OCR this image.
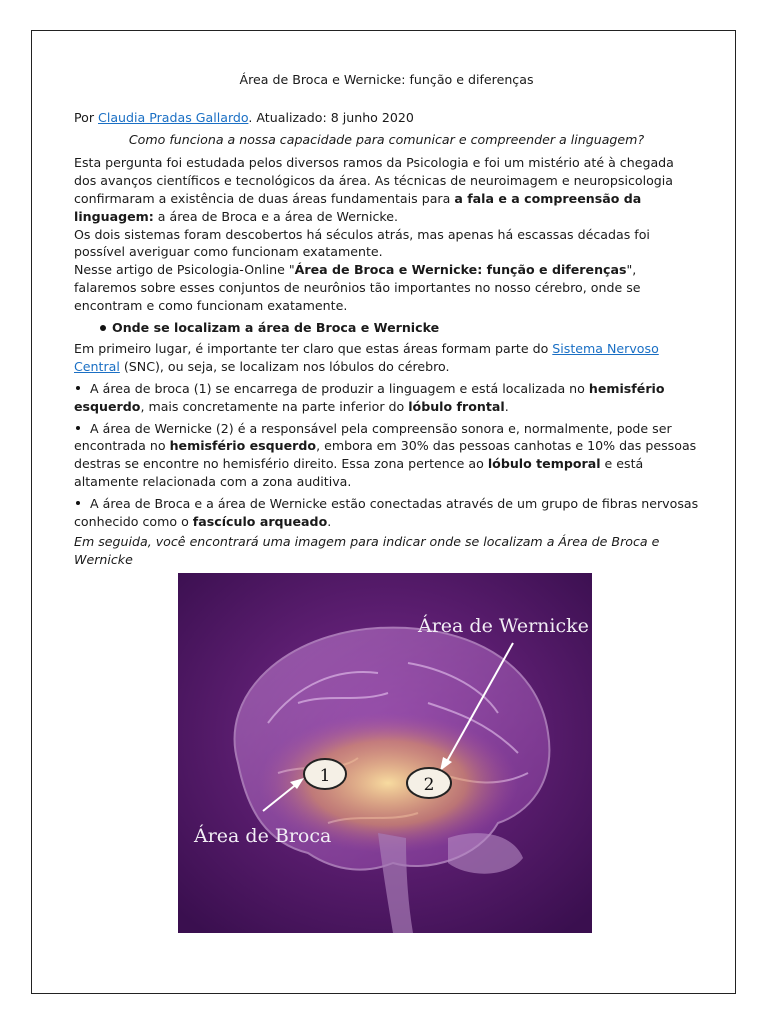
Área de Broca e Wernicke: função e diferenças

Por Claudia Pradas Gallardo. Atualizado: 8 junho 2020

Como funciona a nossa capacidade para comunicar e compreender a linguagem?

Esta pergunta foi estudada pelos diversos ramos da Psicologia e foi um mistério até à chegada dos avanços científicos e tecnológicos da área. As técnicas de neuroimagem e neuropsicologia confirmaram a existência de duas áreas fundamentais para a fala e a compreensão da linguagem: a área de Broca e a área de Wernicke.

Os dois sistemas foram descobertos há séculos atrás, mas apenas há escassas décadas foi possível averiguar como funcionam exatamente.

Nesse artigo de Psicologia-Online "Área de Broca e Wernicke: função e diferenças", falaremos sobre esses conjuntos de neurônios tão importantes no nosso cérebro, onde se encontram e como funcionam exatamente.

Onde se localizam a área de Broca e Wernicke

Em primeiro lugar, é importante ter claro que estas áreas formam parte do Sistema Nervoso Central (SNC), ou seja, se localizam nos lóbulos do cérebro.

A área de broca (1) se encarrega de produzir a linguagem e está localizada no hemisfério esquerdo, mais concretamente na parte inferior do lóbulo frontal.

A área de Wernicke (2) é a responsável pela compreensão sonora e, normalmente, pode ser encontrada no hemisfério esquerdo, embora em 30% das pessoas canhotas e 10% das pessoas destras se encontre no hemisfério direito. Essa zona pertence ao lóbulo temporal e está altamente relacionada com a zona auditiva.

A área de Broca e a área de Wernicke estão conectadas através de um grupo de fibras nervosas conhecido como o fascículo arqueado.

Em seguida, você encontrará uma imagem para indicar onde se localizam a Área de Broca e Wernicke

1	2
Área de Wernicke
Área de Broca
